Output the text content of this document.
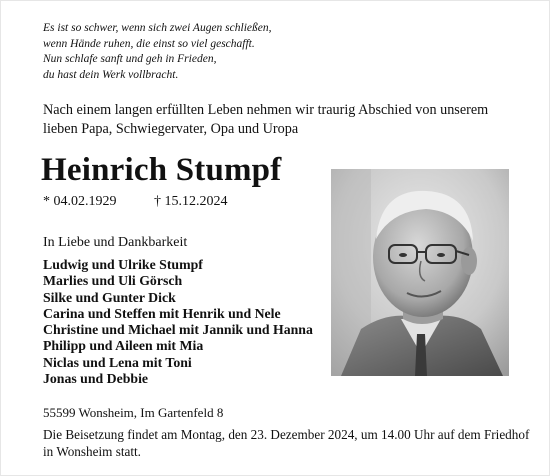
Es ist so schwer, wenn sich zwei Augen schließen,
wenn Hände ruhen, die einst so viel geschafft.
Nun schlafe sanft und geh in Frieden,
du hast dein Werk vollbracht.
Nach einem langen erfüllten Leben nehmen wir traurig Abschied von unserem lieben Papa, Schwiegervater, Opa und Uropa
Heinrich Stumpf
* 04.02.1929	† 15.12.2024
In Liebe und Dankbarkeit
Ludwig und Ulrike Stumpf
Marlies und Uli Görsch
Silke und Gunter Dick
Carina und Steffen mit Henrik und Nele
Christine und Michael mit Jannik und Hanna
Philipp und Aileen mit Mia
Niclas und Lena mit Toni
Jonas und Debbie
55599 Wonsheim, Im Gartenfeld 8
Die Beisetzung findet am Montag, den 23. Dezember 2024, um 14.00 Uhr auf dem Friedhof in Wonsheim statt.
